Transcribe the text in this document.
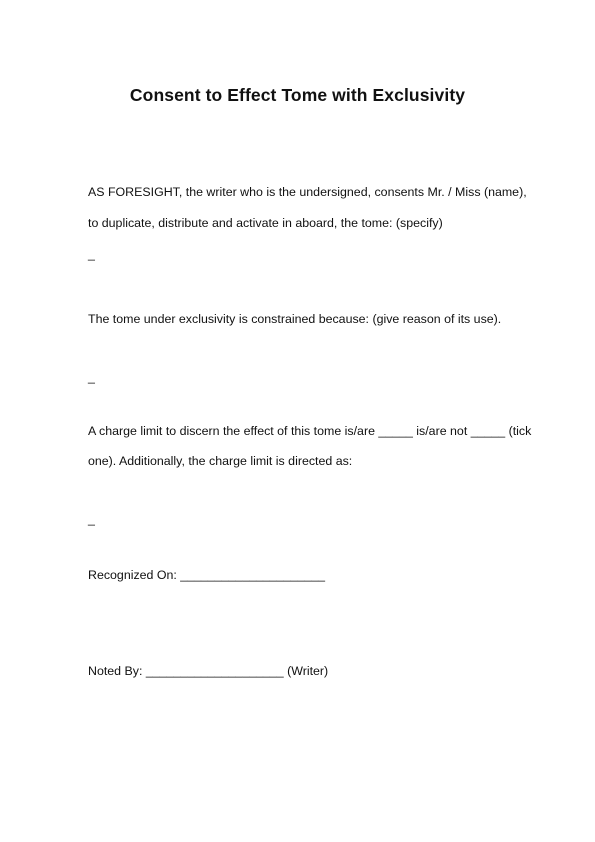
Consent to Effect Tome with Exclusivity
AS FORESIGHT, the writer who is the undersigned, consents Mr. / Miss (name),
to duplicate, distribute and activate in aboard, the tome: (specify)
_
The tome under exclusivity is constrained because: (give reason of its use).
_
A charge limit to discern the effect of this tome is/are _____ is/are not _____ (tick
one). Additionally, the charge limit is directed as:
_
Recognized On: _____________________
Noted By: ____________________ (Writer)
